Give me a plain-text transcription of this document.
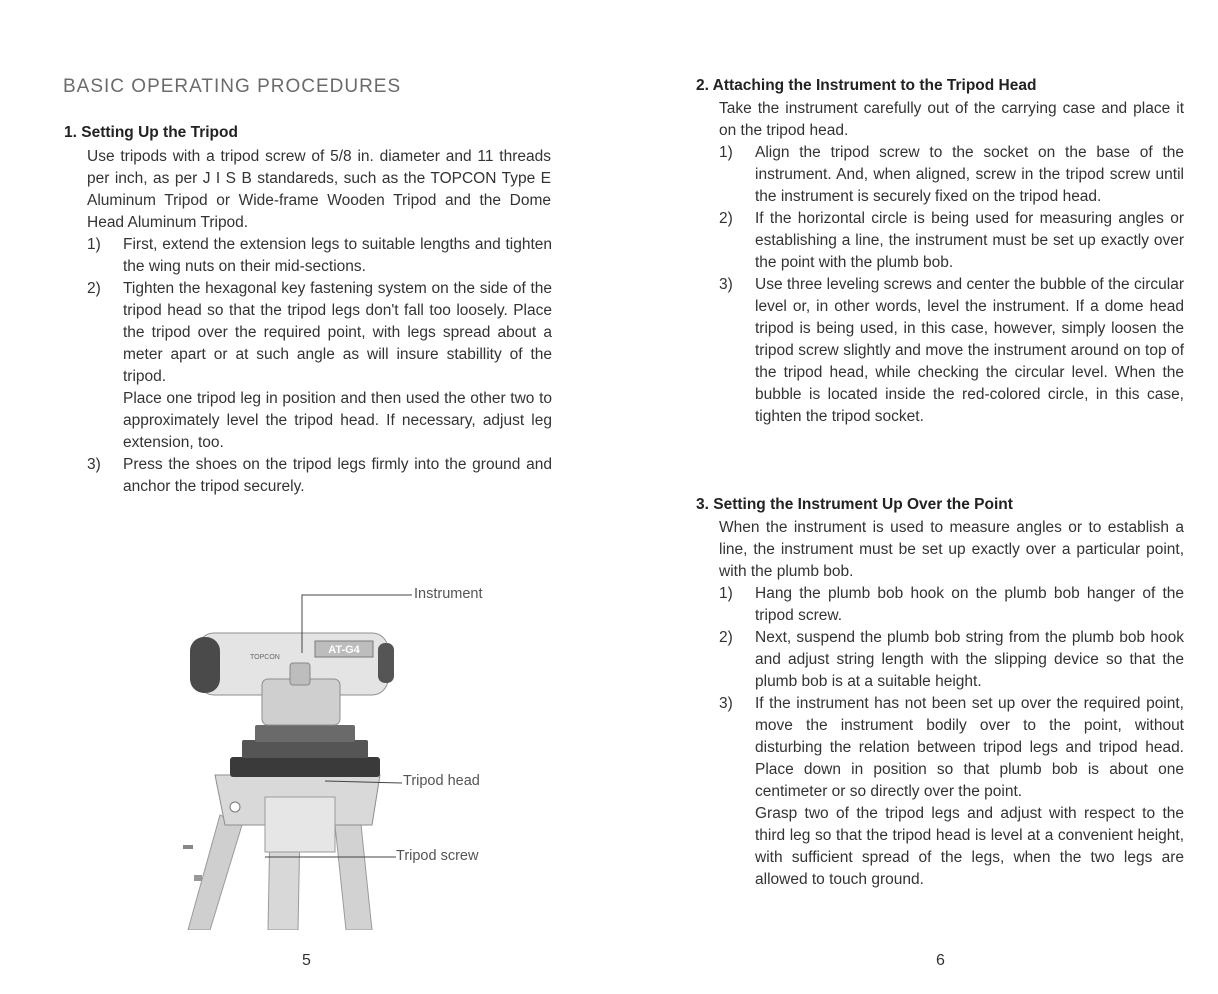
BASIC OPERATING PROCEDURES
1. Setting Up the Tripod

Use tripods with a tripod screw of 5/8 in. diameter and 11 threads per inch, as per J I S B standareds, such as the TOPCON Type E Aluminum Tripod or Wide-frame Wooden Tripod and the Dome Head Aluminum Tripod.

1) First, extend the extension legs to suitable lengths and tighten the wing nuts on their mid-sections.

2) Tighten the hexagonal key fastening system on the side of the tripod head so that the tripod legs don't fall too loosely. Place the tripod over the required point, with legs spread about a meter apart or at such angle as will insure stabillity of the tripod.

Place one tripod leg in position and then used the other two to approximately level the tripod head. If necessary, adjust leg extension, too.

3) Press the shoes on the tripod legs firmly into the ground and anchor the tripod securely.

AT-G4
TOPCON
Instrument
Tripod head
Tripod screw
5
2. Attaching the Instrument to the Tripod Head

Take the instrument carefully out of the carrying case and place it on the tripod head.

1) Align the tripod screw to the socket on the base of the instrument. And, when aligned, screw in the tripod screw until the instrument is securely fixed on the tripod head.

2) If the horizontal circle is being used for measuring angles or establishing a line, the instrument must be set up exactly over the point with the plumb bob.

3) Use three leveling screws and center the bubble of the circular level or, in other words, level the instrument. If a dome head tripod is being used, in this case, however, simply loosen the tripod screw slightly and move the instrument around on top of the tripod head, while checking the circular level. When the bubble is located inside the red-colored circle, in this case, tighten the tripod socket.

3. Setting the Instrument Up Over the Point

When the instrument is used to measure angles or to establish a line, the instrument must be set up exactly over a particular point, with the plumb bob.

1) Hang the plumb bob hook on the plumb bob hanger of the tripod screw.

2) Next, suspend the plumb bob string from the plumb bob hook and adjust string length with the slipping device so that the plumb bob is at a suitable height.

3) If the instrument has not been set up over the required point, move the instrument bodily over to the point, without disturbing the relation between tripod legs and tripod head. Place down in position so that plumb bob is about one centimeter or so directly over the point.

Grasp two of the tripod legs and adjust with respect to the third leg so that the tripod head is level at a convenient height, with sufficient spread of the legs, when the two legs are allowed to touch ground.

6
